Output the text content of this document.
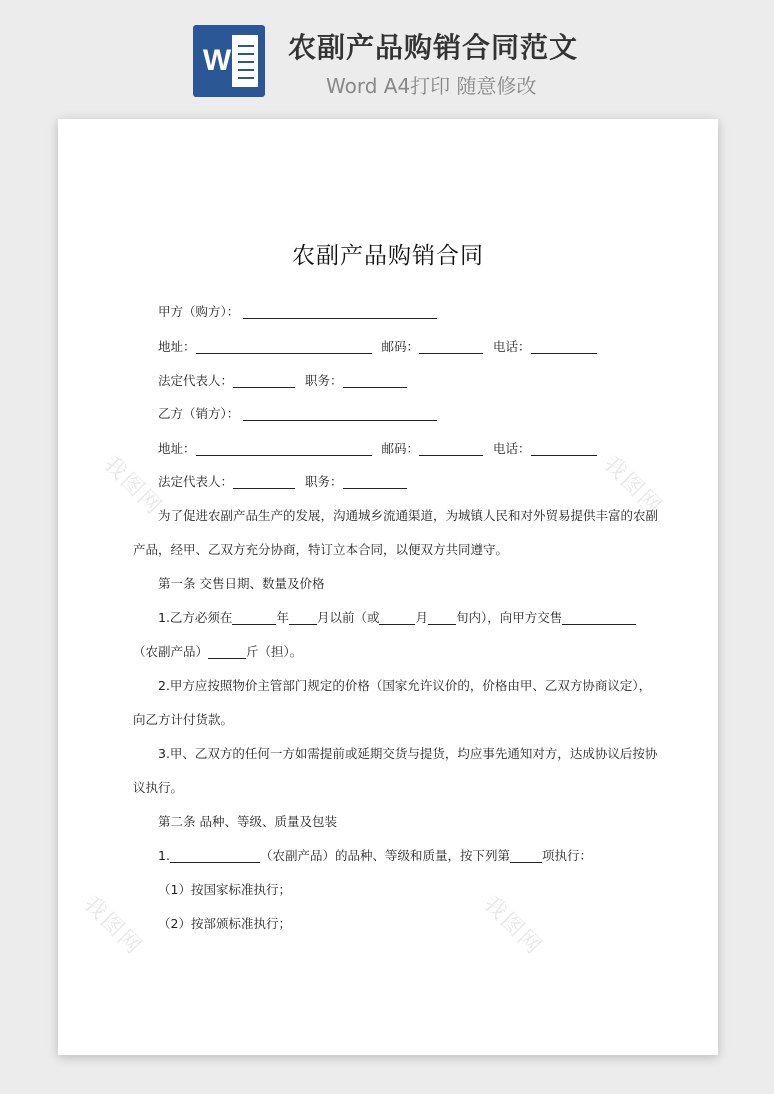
W 农副产品购销合同范文
Word A4打印 随意修改
我图网	我图网
我图网	我图网
农副产品购销合同
甲方（购方）：
地址：	邮码：	电话：
法定代表人：	职务：
乙方（销方）：
地址：	邮码：	电话：
法定代表人：	职务：
为了促进农副产品生产的发展，沟通城乡流通渠道，为城镇人民和对外贸易提供丰富的农副
产品，经甲、乙双方充分协商，特订立本合同，以便双方共同遵守。
第一条 交售日期、数量及价格
1.乙方必须在	年 月以前（或	月 旬内），向甲方交售
（农副产品）	斤（担）。
2.甲方应按照物价主管部门规定的价格（国家允许议价的，价格由甲、乙双方协商议定），
向乙方计付货款。
3.甲、乙双方的任何一方如需提前或延期交货与提货，均应事先通知对方，达成协议后按协
议执行。
第二条 品种、等级、质量及包装
1.	（农副产品）的品种、等级和质量，按下列第	项执行：
（1）按国家标准执行；
（2）按部颁标准执行；
